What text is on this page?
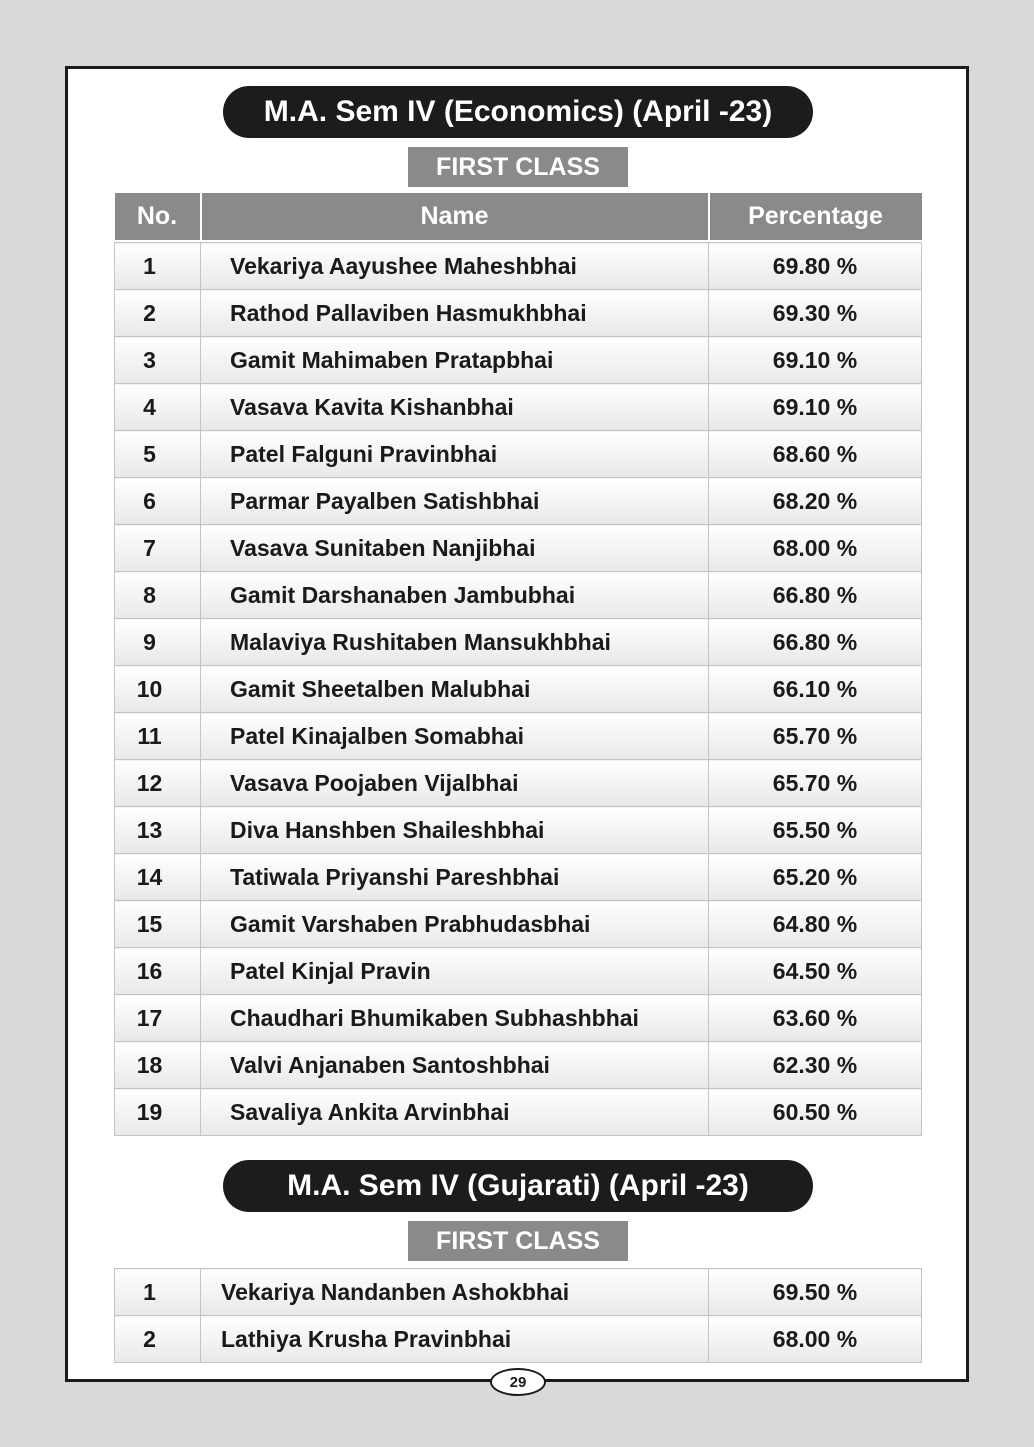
M.A. Sem IV (Economics) (April -23)
FIRST CLASS
No.	Name	Percentage

1	Vekariya Aayushee Maheshbhai	69.80 %
2	Rathod Pallaviben Hasmukhbhai	69.30 %
3	Gamit Mahimaben Pratapbhai	69.10 %
4	Vasava Kavita Kishanbhai	69.10 %
5	Patel Falguni Pravinbhai	68.60 %
6	Parmar Payalben Satishbhai	68.20 %
7	Vasava Sunitaben Nanjibhai	68.00 %
8	Gamit Darshanaben Jambubhai	66.80 %
9	Malaviya Rushitaben Mansukhbhai	66.80 %
10	Gamit Sheetalben Malubhai	66.10 %
11	Patel Kinajalben Somabhai	65.70 %
12	Vasava Poojaben Vijalbhai	65.70 %
13	Diva Hanshben Shaileshbhai	65.50 %
14	Tatiwala Priyanshi Pareshbhai	65.20 %
15	Gamit Varshaben Prabhudasbhai	64.80 %
16	Patel Kinjal Pravin	64.50 %
17	Chaudhari Bhumikaben Subhashbhai	63.60 %
18	Valvi Anjanaben Santoshbhai	62.30 %
19	Savaliya Ankita Arvinbhai	60.50 %
M.A. Sem IV (Gujarati) (April -23)
FIRST CLASS
1	Vekariya Nandanben Ashokbhai	69.50 %
2	Lathiya Krusha Pravinbhai	68.00 %
29
